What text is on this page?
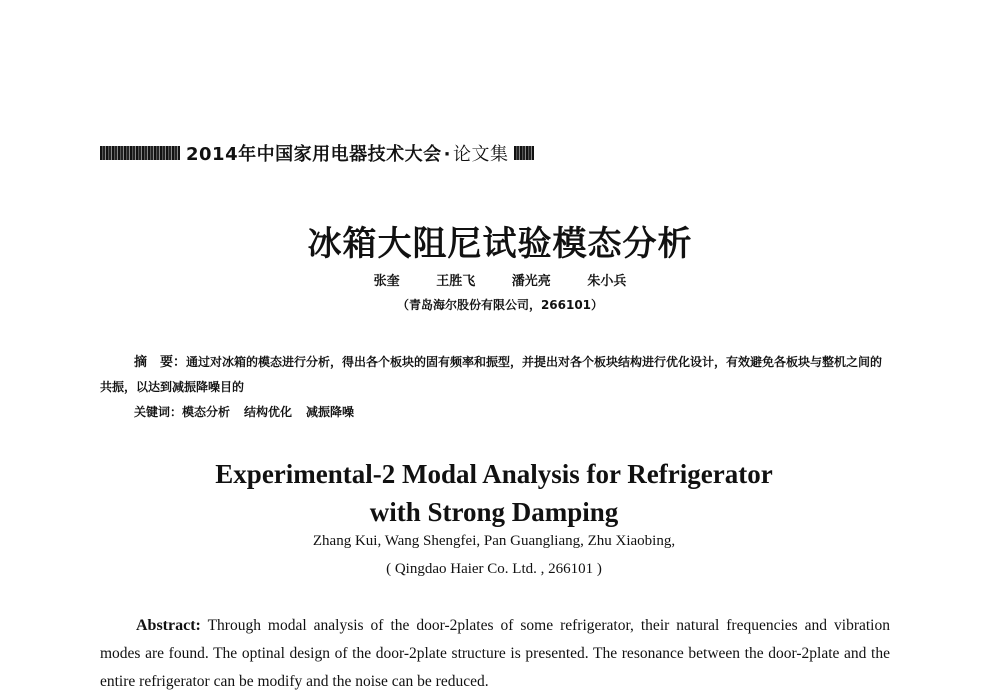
2014年中国家用电器技术大会 · 论文集
冰箱大阻尼试验模态分析
张奎	王胜飞	潘光亮	朱小兵
（青岛海尔股份有限公司，266101）
摘　要：通过对冰箱的模态进行分析，得出各个板块的固有频率和振型，并提出对各个板块结构进行优化设计，有效避免各板块与整机之间的共振，以达到减振降噪目的
关键词：模态分析 结构优化 减振降噪
Experimental-2 Modal Analysis for Refrigerator
with Strong Damping
Zhang Kui, Wang Shengfei, Pan Guangliang, Zhu Xiaobing,
( Qingdao Haier Co. Ltd. , 266101 )
Abstract: Through modal analysis of the door-2plates of some refrigerator, their natural frequencies and vibration modes are found. The optinal design of the door-2plate structure is presented. The resonance between the door-2plate and the entire refrigerator can be modify and the noise can be reduced.
